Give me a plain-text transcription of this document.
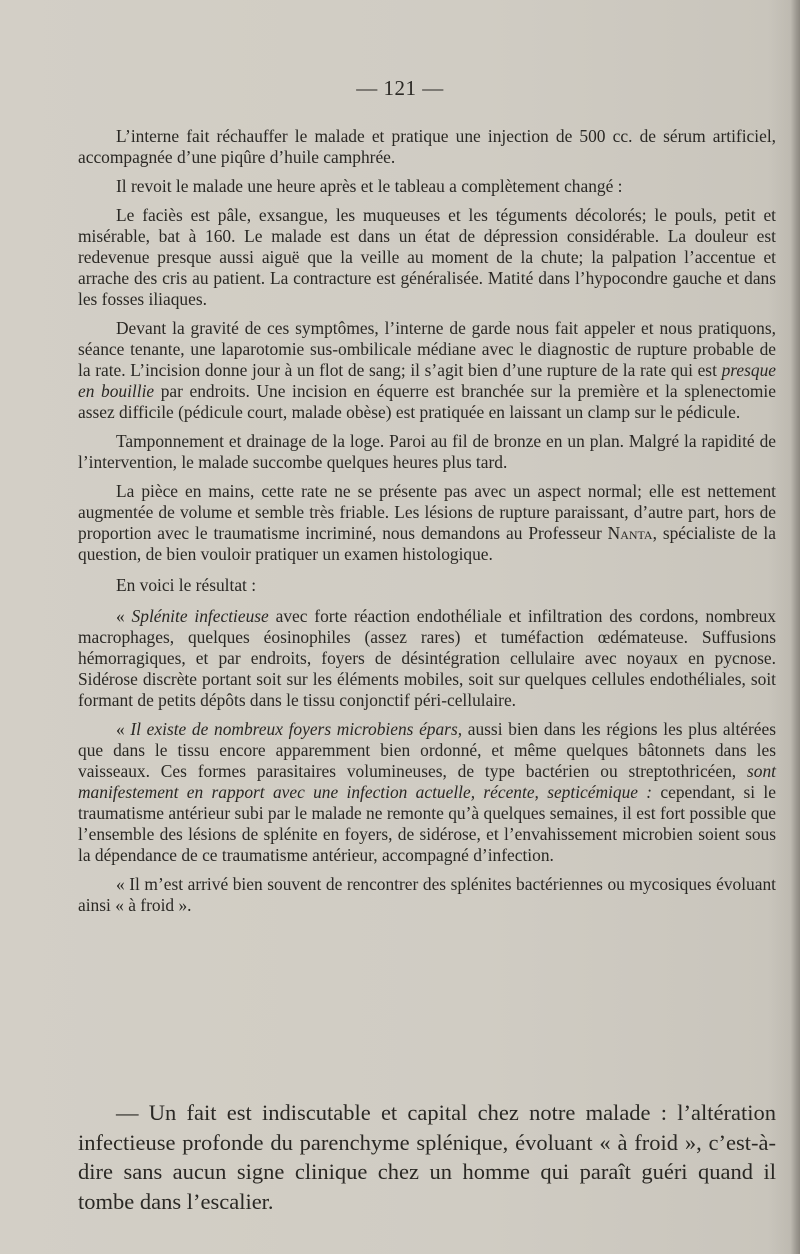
— 121 —

L’interne fait réchauffer le malade et pratique une injection de 500 cc. de sérum artificiel, accompagnée d’une piqûre d’huile camphrée.

Il revoit le malade une heure après et le tableau a complètement changé :

Le faciès est pâle, exsangue, les muqueuses et les téguments décolorés; le pouls, petit et misérable, bat à 160. Le malade est dans un état de dépression considérable. La douleur est redevenue presque aussi aiguë que la veille au moment de la chute; la palpation l’accentue et arrache des cris au patient. La contracture est généralisée. Matité dans l’hypocondre gauche et dans les fosses iliaques.

Devant la gravité de ces symptômes, l’interne de garde nous fait appeler et nous pratiquons, séance tenante, une laparotomie sus-ombilicale médiane avec le diagnostic de rupture probable de la rate. L’incision donne jour à un flot de sang; il s’agit bien d’une rupture de la rate qui est presque en bouillie par endroits. Une incision en équerre est branchée sur la première et la splenectomie assez difficile (pédicule court, malade obèse) est pratiquée en laissant un clamp sur le pédicule.

Tamponnement et drainage de la loge. Paroi au fil de bronze en un plan. Malgré la rapidité de l’intervention, le malade succombe quelques heures plus tard.

La pièce en mains, cette rate ne se présente pas avec un aspect normal; elle est nettement augmentée de volume et semble très friable. Les lésions de rupture paraissant, d’autre part, hors de proportion avec le traumatisme incriminé, nous demandons au Professeur Nanta, spécialiste de la question, de bien vouloir pratiquer un examen histologique.

En voici le résultat :

« Splénite infectieuse avec forte réaction endothéliale et infiltration des cordons, nombreux macrophages, quelques éosinophiles (assez rares) et tuméfaction œdémateuse. Suffusions hémorragiques, et par endroits, foyers de désintégration cellulaire avec noyaux en pycnose. Sidérose discrète portant soit sur les éléments mobiles, soit sur quelques cellules endothéliales, soit formant de petits dépôts dans le tissu conjonctif péri-cellulaire.

« Il existe de nombreux foyers microbiens épars, aussi bien dans les régions les plus altérées que dans le tissu encore apparemment bien ordonné, et même quelques bâtonnets dans les vaisseaux. Ces formes parasitaires volumineuses, de type bactérien ou streptothricéen, sont manifestement en rapport avec une infection actuelle, récente, septicémique : cependant, si le traumatisme antérieur subi par le malade ne remonte qu’à quelques semaines, il est fort possible que l’ensemble des lésions de splénite en foyers, de sidérose, et l’envahissement microbien soient sous la dépendance de ce traumatisme antérieur, accompagné d’infection.

« Il m’est arrivé bien souvent de rencontrer des splénites bactériennes ou mycosiques évoluant ainsi « à froid ».

— Un fait est indiscutable et capital chez notre malade : l’altération infectieuse profonde du parenchyme splénique, évoluant « à froid », c’est-à-dire sans aucun signe clinique chez un homme qui paraît guéri quand il tombe dans l’escalier.
